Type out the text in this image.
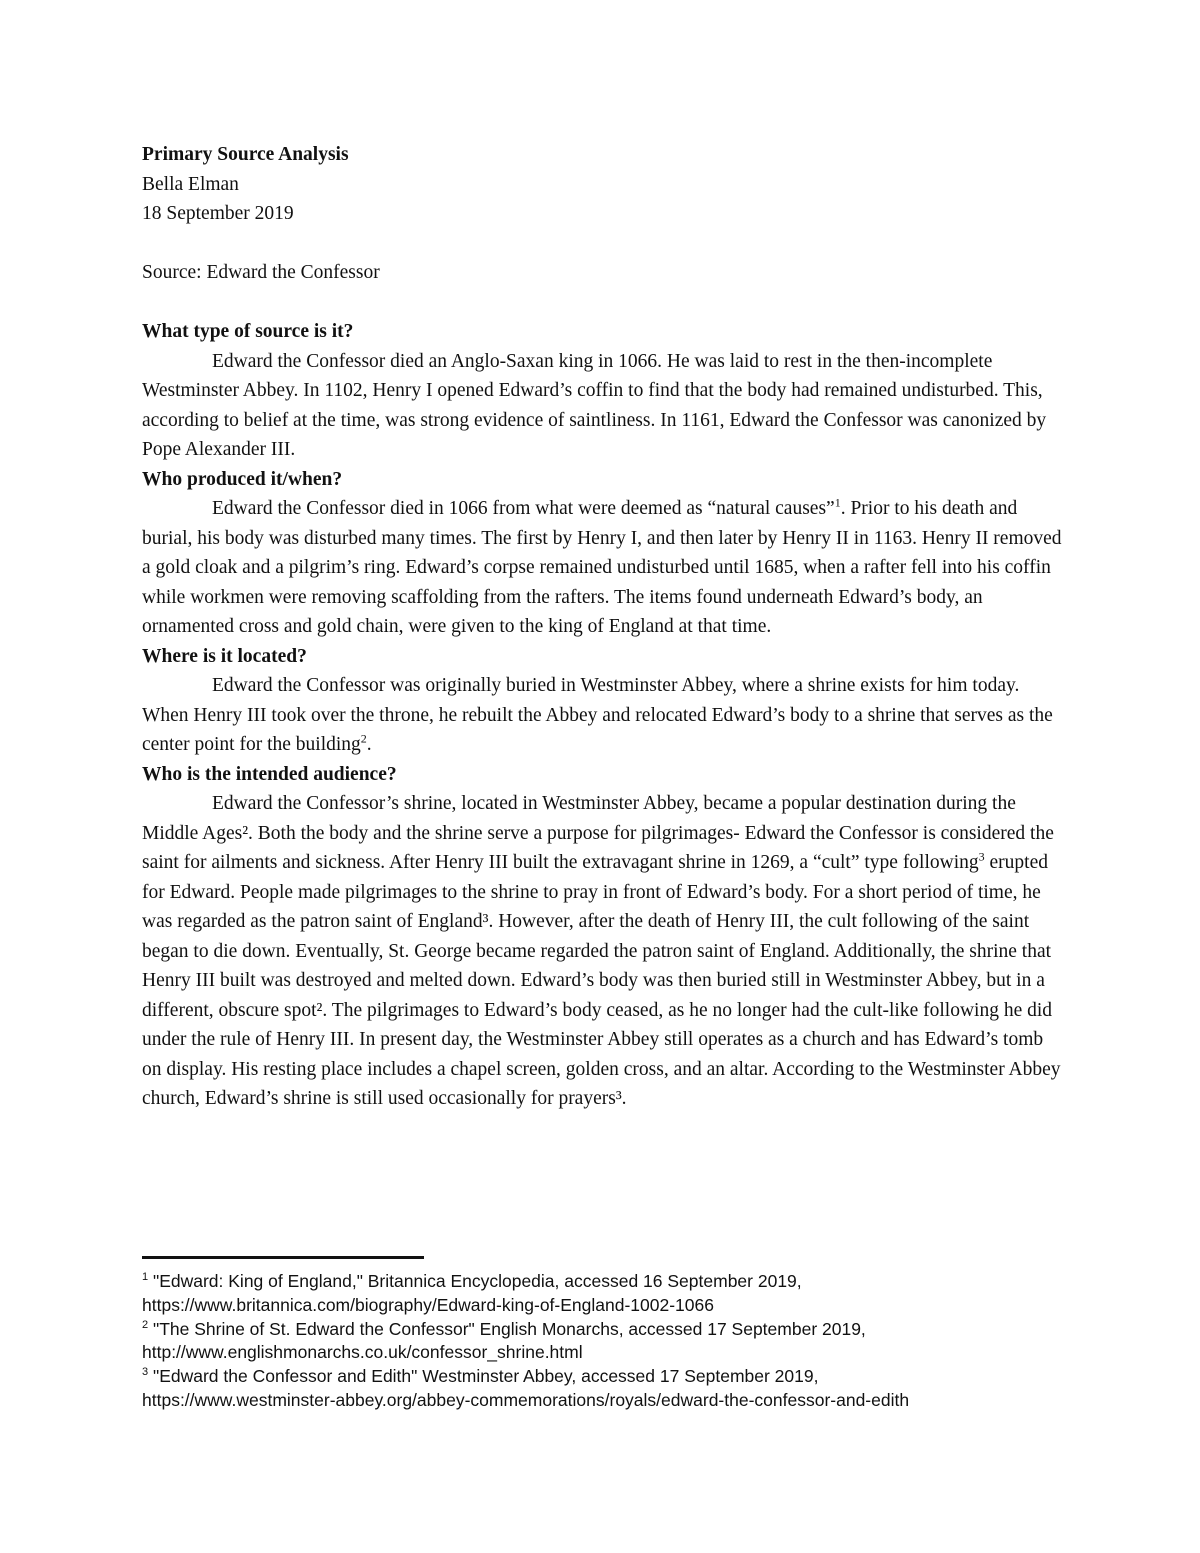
Primary Source Analysis

Bella Elman

18 September 2019

Source: Edward the Confessor

What type of source is it?

Edward the Confessor died an Anglo-Saxan king in 1066. He was laid to rest in the then-incomplete Westminster Abbey. In 1102, Henry I opened Edward’s coffin to find that the body had remained undisturbed. This, according to belief at the time, was strong evidence of saintliness. In 1161, Edward the Confessor was canonized by Pope Alexander III.

Who produced it/when?

Edward the Confessor died in 1066 from what were deemed as “natural causes”$^1$. Prior to his death and burial, his body was disturbed many times. The first by Henry I, and then later by Henry II in 1163. Henry II removed a gold cloak and a pilgrim’s ring. Edward’s corpse remained undisturbed until 1685, when a rafter fell into his coffin while workmen were removing scaffolding from the rafters. The items found underneath Edward’s body, an ornamented cross and gold chain, were given to the king of England at that time.

Where is it located?

Edward the Confessor was originally buried in Westminster Abbey, where a shrine exists for him today. When Henry III took over the throne, he rebuilt the Abbey and relocated Edward’s body to a shrine that serves as the center point for the building$^2$.

Who is the intended audience?

Edward the Confessor’s shrine, located in Westminster Abbey, became a popular destination during the Middle Ages². Both the body and the shrine serve a purpose for pilgrimages- Edward the Confessor is considered the saint for ailments and sickness. After Henry III built the extravagant shrine in 1269, a “cult” type following$^3$ erupted for Edward. People made pilgrimages to the shrine to pray in front of Edward’s body. For a short period of time, he was regarded as the patron saint of England³. However, after the death of Henry III, the cult following of the saint began to die down. Eventually, St. George became regarded the patron saint of England. Additionally, the shrine that Henry III built was destroyed and melted down. Edward’s body was then buried still in Westminster Abbey, but in a different, obscure spot². The pilgrimages to Edward’s body ceased, as he no longer had the cult-like following he did under the rule of Henry III. In present day, the Westminster Abbey still operates as a church and has Edward’s tomb on display. His resting place includes a chapel screen, golden cross, and an altar. According to the Westminster Abbey church, Edward’s shrine is still used occasionally for prayers³.

$^1$ "Edward: King of England," Britannica Encyclopedia, accessed 16 September 2019,

https://www.britannica.com/biography/Edward-king-of-England-1002-1066

$^2$ "The Shrine of St. Edward the Confessor" English Monarchs, accessed 17 September 2019,

http://www.englishmonarchs.co.uk/confessor_shrine.html

$^3$ "Edward the Confessor and Edith" Westminster Abbey, accessed 17 September 2019,

https://www.westminster-abbey.org/abbey-commemorations/royals/edward-the-confessor-and-edith
